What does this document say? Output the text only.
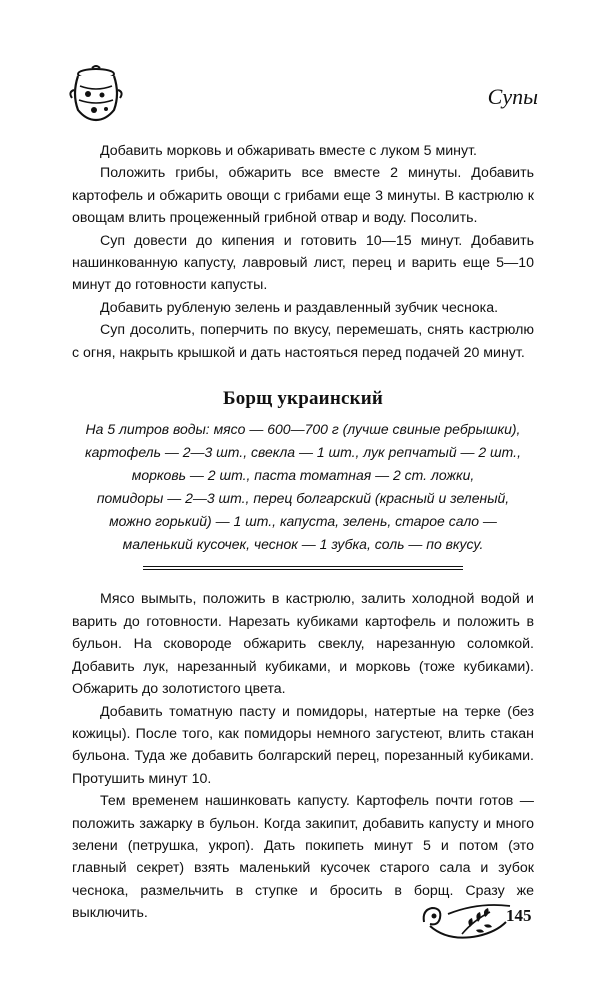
Супы

Добавить морковь и обжаривать вместе с луком 5 минут.

Положить грибы, обжарить все вместе 2 минуты. Добавить картофель и обжарить овощи с грибами еще 3 минуты. В кастрюлю к овощам влить процеженный грибной отвар и воду. Посолить.

Суп довести до кипения и готовить 10—15 минут. Добавить нашинкованную капусту, лавровый лист, перец и варить еще 5—10 минут до готовности капусты.

Добавить рубленую зелень и раздавленный зубчик чеснока.

Суп досолить, поперчить по вкусу, перемешать, снять кастрюлю с огня, накрыть крышкой и дать настояться перед подачей 20 минут.

Борщ украинский

На 5 литров воды: мясо — 600—700 г (лучше свиные ребрышки),
картофель — 2—3 шт., свекла — 1 шт., лук репчатый — 2 шт.,
морковь — 2 шт., паста томатная — 2 ст. ложки,
помидоры — 2—3 шт., перец болгарский (красный и зеленый,
можно горький) — 1 шт., капуста, зелень, старое сало —
маленький кусочек, чеснок — 1 зубка, соль — по вкусу.

Мясо вымыть, положить в кастрюлю, залить холодной водой и варить до готовности. Нарезать кубиками картофель и положить в бульон. На сковороде обжарить свеклу, нарезанную соломкой. Добавить лук, нарезанный кубиками, и морковь (тоже кубиками). Обжарить до золотистого цвета.

Добавить томатную пасту и помидоры, натертые на терке (без кожицы). После того, как помидоры немного загустеют, влить стакан бульона. Туда же добавить болгарский перец, порезанный кубиками. Протушить минут 10.

Тем временем нашинковать капусту. Картофель почти готов — положить зажарку в бульон. Когда закипит, добавить капусту и много зелени (петрушка, укроп). Дать покипеть минут 5 и потом (это главный секрет) взять маленький кусочек старого сала и зубок чеснока, размельчить в ступке и бросить в борщ. Сразу же выключить.	145
